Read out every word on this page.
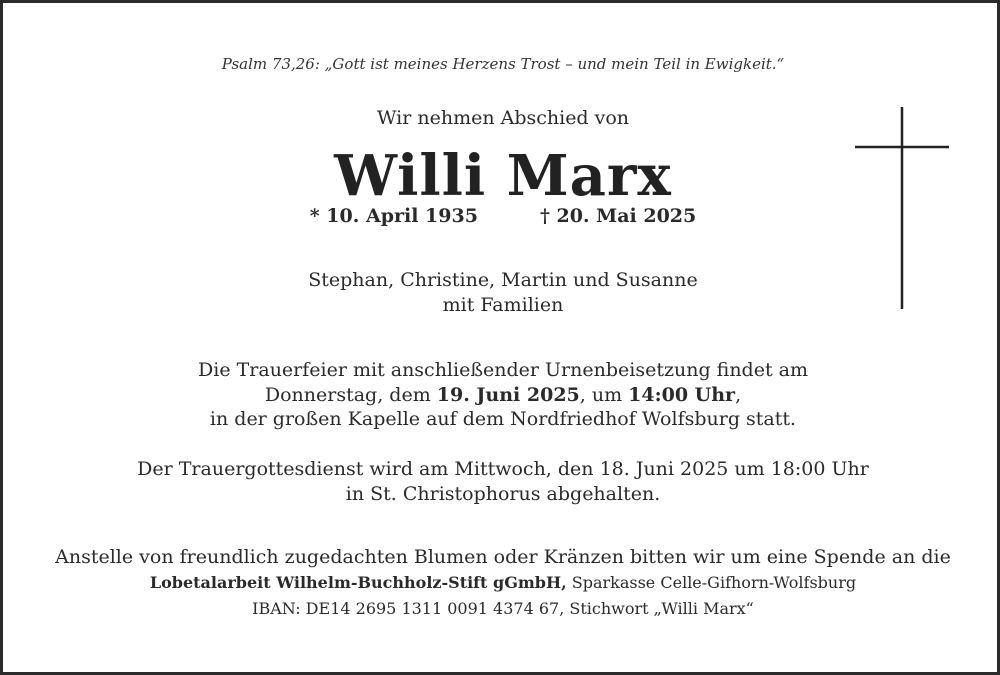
Psalm 73,26: „Gott ist meines Herzens Trost – und mein Teil in Ewigkeit.“
Wir nehmen Abschied von
Willi Marx
* 10. April 1935	† 20. Mai 2025
Stephan, Christine, Martin und Susanne
mit Familien
Die Trauerfeier mit anschließender Urnenbeisetzung findet am
Donnerstag, dem 19. Juni 2025, um 14:00 Uhr,
in der großen Kapelle auf dem Nordfriedhof Wolfsburg statt.
Der Trauergottesdienst wird am Mittwoch, den 18. Juni 2025 um 18:00 Uhr
in St. Christophorus abgehalten.
Anstelle von freundlich zugedachten Blumen oder Kränzen bitten wir um eine Spende an die
Lobetalarbeit Wilhelm-Buchholz-Stift gGmbH, Sparkasse Celle-Gifhorn-Wolfsburg
IBAN: DE14 2695 1311 0091 4374 67, Stichwort „Willi Marx“
